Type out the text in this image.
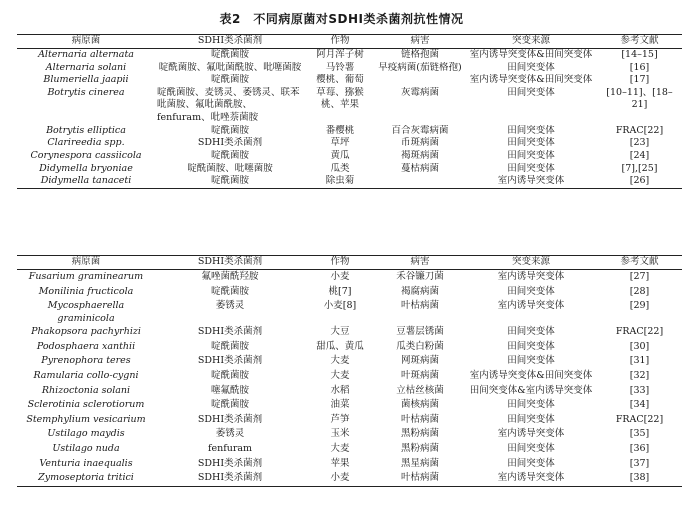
表2　不同病原菌对SDHI类杀菌剂抗性情况
病原菌	SDHI类杀菌剂	作物	病害	突变来源	参考文献
Alternaria alternata	啶酰菌胺	阿月浑子树	链格孢菌	室内诱导突变体&田间突变体	[14–15]
Alternaria solani	啶酰菌胺、氟吡菌酰胺、吡噻菌胺	马铃薯	早疫病菌(茄链格孢)	田间突变体	[16]
Blumeriella jaapii	啶酰菌胺	樱桃、葡萄		室内诱导突变体&田间突变体	[17]
Botrytis cinerea	啶酰菌胺、麦锈灵、萎锈灵、联苯吡菌胺、氟吡菌酰胺、fenfuram、吡唑萘菌胺	草莓、猕猴桃、苹果	灰霉病菌	田间突变体	[10–11]、[18–21]
Botrytis elliptica	啶酰菌胺	番樱桃	百合灰霉病菌	田间突变体	FRAC[22]
Clarireedia spp.	SDHI类杀菌剂	草坪	币斑病菌	田间突变体	[23]
Corynespora cassiicola	啶酰菌胺	黄瓜	褐斑病菌	田间突变体	[24]
Didymella bryoniae	啶酰菌胺、吡噻菌胺	瓜类	蔓枯病菌	田间突变体	[7],[25]
Didymella tanaceti	啶酰菌胺	除虫菊		室内诱导突变体	[26]
病原菌	SDHI类杀菌剂	作物	病害	突变来源	参考文献
Fusarium graminearum	氟唑菌酰羟胺	小麦	禾谷镰刀菌	室内诱导突变体	[27]
Monilinia fructicola	啶酰菌胺	桃[7]	褐腐病菌	田间突变体	[28]
Mycosphaerella graminicola	萎锈灵	小麦[8]	叶枯病菌	室内诱导突变体	[29]
Phakopsora pachyrhizi	SDHI类杀菌剂	大豆	豆薯层锈菌	田间突变体	FRAC[22]
Podosphaera xanthii	啶酰菌胺	甜瓜、黄瓜	瓜类白粉菌	田间突变体	[30]
Pyrenophora teres	SDHI类杀菌剂	大麦	网斑病菌	田间突变体	[31]
Ramularia collo-cygni	啶酰菌胺	大麦	叶斑病菌	室内诱导突变体&田间突变体	[32]
Rhizoctonia solani	噻氟酰胺	水稻	立枯丝核菌	田间突变体&室内诱导突变体	[33]
Sclerotinia sclerotiorum	啶酰菌胺	油菜	菌核病菌	田间突变体	[34]
Stemphylium vesicarium	SDHI类杀菌剂	芦笋	叶枯病菌	田间突变体	FRAC[22]
Ustilago maydis	萎锈灵	玉米	黑粉病菌	室内诱导突变体	[35]
Ustilago nuda	fenfuram	大麦	黑粉病菌	田间突变体	[36]
Venturia inaequalis	SDHI类杀菌剂	苹果	黑星病菌	田间突变体	[37]
Zymoseptoria tritici	SDHI类杀菌剂	小麦	叶枯病菌	室内诱导突变体	[38]
